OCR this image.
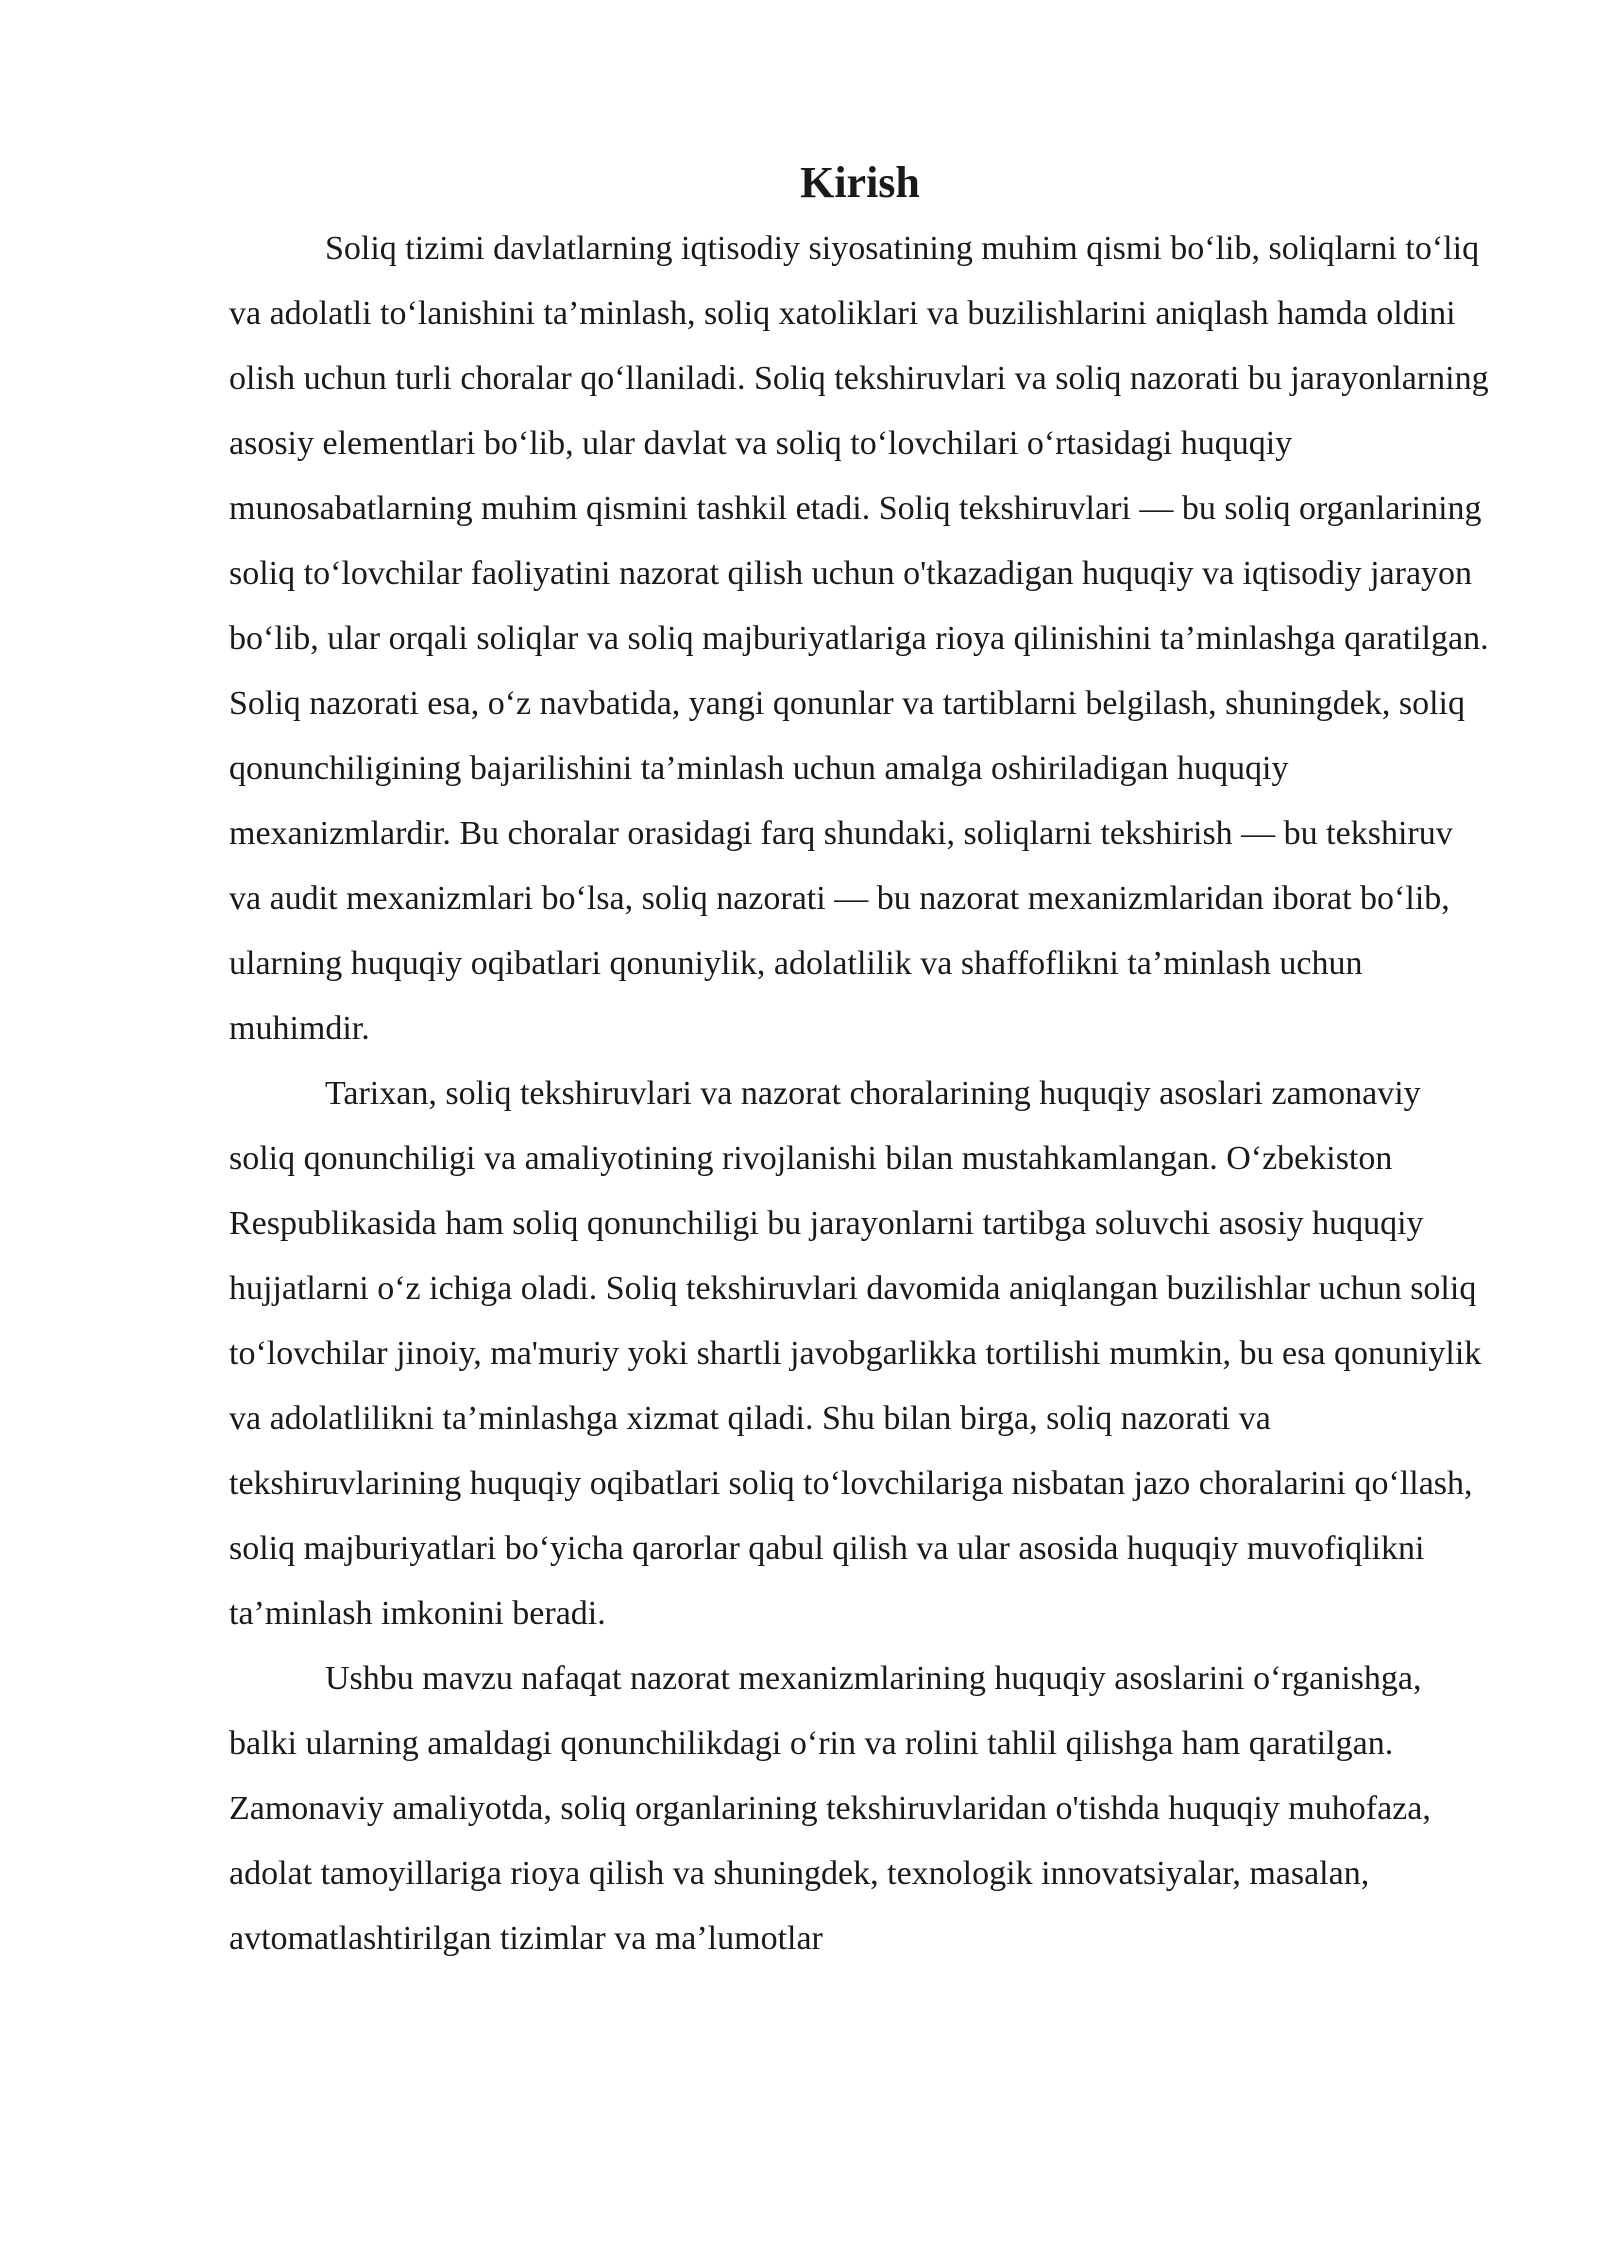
Kirish

Soliq tizimi davlatlarning iqtisodiy siyosatining muhim qismi bo‘lib, soliqlarni to‘liq va adolatli to‘lanishini ta’minlash, soliq xatoliklari va buzilishlarini aniqlash hamda oldini olish uchun turli choralar qo‘llaniladi. Soliq tekshiruvlari va soliq nazorati bu jarayonlarning asosiy elementlari bo‘lib, ular davlat va soliq to‘lovchilari o‘rtasidagi huquqiy munosabatlarning muhim qismini tashkil etadi. Soliq tekshiruvlari — bu soliq organlarining soliq to‘lovchilar faoliyatini nazorat qilish uchun o'tkazadigan huquqiy va iqtisodiy jarayon bo‘lib, ular orqali soliqlar va soliq majburiyatlariga rioya qilinishini ta’minlashga qaratilgan. Soliq nazorati esa, o‘z navbatida, yangi qonunlar va tartiblarni belgilash, shuningdek, soliq qonunchiligining bajarilishini ta’minlash uchun amalga oshiriladigan huquqiy mexanizmlardir. Bu choralar orasidagi farq shundaki, soliqlarni tekshirish — bu tekshiruv va audit mexanizmlari bo‘lsa, soliq nazorati — bu nazorat mexanizmlaridan iborat bo‘lib, ularning huquqiy oqibatlari qonuniylik, adolatlilik va shaffoflikni ta’minlash uchun muhimdir.

Tarixan, soliq tekshiruvlari va nazorat choralarining huquqiy asoslari zamonaviy soliq qonunchiligi va amaliyotining rivojlanishi bilan mustahkamlangan. O‘zbekiston Respublikasida ham soliq qonunchiligi bu jarayonlarni tartibga soluvchi asosiy huquqiy hujjatlarni o‘z ichiga oladi. Soliq tekshiruvlari davomida aniqlangan buzilishlar uchun soliq to‘lovchilar jinoiy, ma'muriy yoki shartli javobgarlikka tortilishi mumkin, bu esa qonuniylik va adolatlilikni ta’minlashga xizmat qiladi. Shu bilan birga, soliq nazorati va tekshiruvlarining huquqiy oqibatlari soliq to‘lovchilariga nisbatan jazo choralarini qo‘llash, soliq majburiyatlari bo‘yicha qarorlar qabul qilish va ular asosida huquqiy muvofiqlikni ta’minlash imkonini beradi.

Ushbu mavzu nafaqat nazorat mexanizmlarining huquqiy asoslarini o‘rganishga, balki ularning amaldagi qonunchilikdagi o‘rin va rolini tahlil qilishga ham qaratilgan. Zamonaviy amaliyotda, soliq organlarining tekshiruvlaridan o'tishda huquqiy muhofaza, adolat tamoyillariga rioya qilish va shuningdek, texnologik innovatsiyalar, masalan, avtomatlashtirilgan tizimlar va ma’lumotlar
